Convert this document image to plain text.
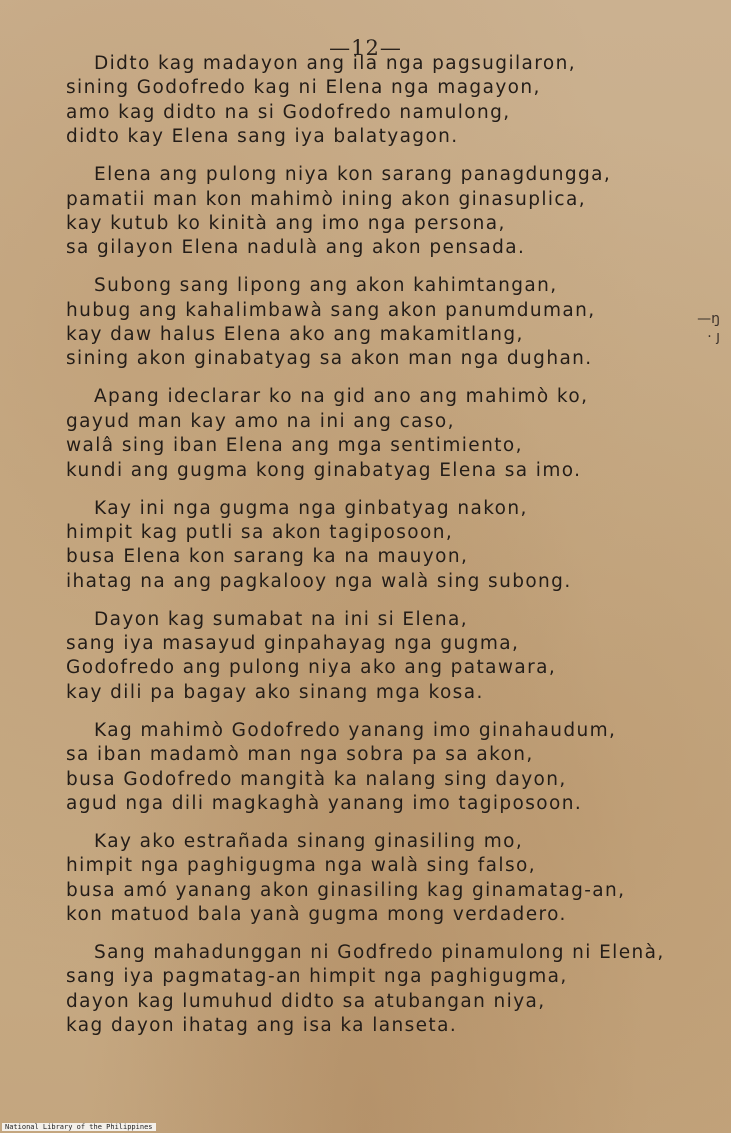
—12—
Didto kag madayon ang ila nga pagsugilaron,
sining Godofredo kag ni Elena nga magayon,
amo kag didto na si Godofredo namulong,
didto kay Elena sang iya balatyagon.
Elena ang pulong niya kon sarang panagdungga,
pamatii man kon mahimò ining akon ginasuplica,
kay kutub ko kinità ang imo nga persona,
sa gilayon Elena nadulà ang akon pensada.
Subong sang lipong ang akon kahimtangan,
hubug ang kahalimbawà sang akon panumduman,
kay daw halus Elena ako ang makamitlang,
sining akon ginabatyag sa akon man nga dughan.
Apang ideclarar ko na gid ano ang mahimò ko,
gayud man kay amo na ini ang caso,
walâ sing iban Elena ang mga sentimiento,
kundi ang gugma kong ginabatyag Elena sa imo.
Kay ini nga gugma nga ginbatyag nakon,
himpit kag putli sa akon tagiposoon,
busa Elena kon sarang ka na mauyon,
ihatag na ang pagkalooy nga walà sing subong.
Dayon kag sumabat na ini si Elena,
sang iya masayud ginpahayag nga gugma,
Godofredo ang pulong niya ako ang patawara,
kay dili pa bagay ako sinang mga kosa.
Kag mahimò Godofredo yanang imo ginahaudum,
sa iban madamò man nga sobra pa sa akon,
busa Godofredo mangità ka nalang sing dayon,
agud nga dili magkaghà yanang imo tagiposoon.
Kay ako estrañada sinang ginasiling mo,
himpit nga paghigugma nga walà sing falso,
busa amó yanang akon ginasiling kag ginamatag-an,
kon matuod bala yanà gugma mong verdadero.
Sang mahadunggan ni Godfredo pinamulong ni Elenà,
sang iya pagmatag-an himpit nga paghigugma,
dayon kag lumuhud didto sa atubangan niya,
kag dayon ihatag ang isa ka lanseta.
—ŋ
· ȷ
National Library of the Philippines
